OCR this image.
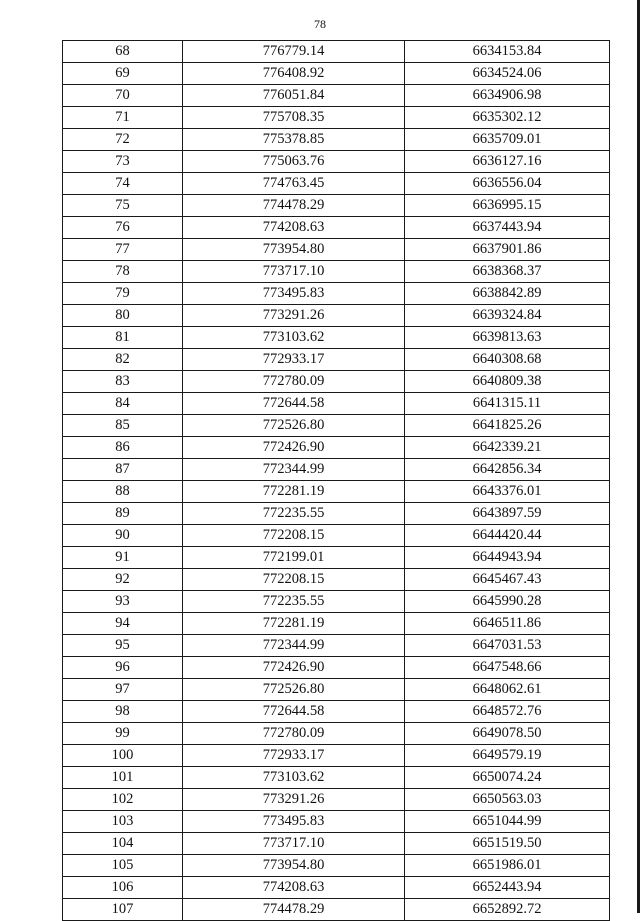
78
68	776779.14	6634153.84
69	776408.92	6634524.06
70	776051.84	6634906.98
71	775708.35	6635302.12
72	775378.85	6635709.01
73	775063.76	6636127.16
74	774763.45	6636556.04
75	774478.29	6636995.15
76	774208.63	6637443.94
77	773954.80	6637901.86
78	773717.10	6638368.37
79	773495.83	6638842.89
80	773291.26	6639324.84
81	773103.62	6639813.63
82	772933.17	6640308.68
83	772780.09	6640809.38
84	772644.58	6641315.11
85	772526.80	6641825.26
86	772426.90	6642339.21
87	772344.99	6642856.34
88	772281.19	6643376.01
89	772235.55	6643897.59
90	772208.15	6644420.44
91	772199.01	6644943.94
92	772208.15	6645467.43
93	772235.55	6645990.28
94	772281.19	6646511.86
95	772344.99	6647031.53
96	772426.90	6647548.66
97	772526.80	6648062.61
98	772644.58	6648572.76
99	772780.09	6649078.50
100	772933.17	6649579.19
101	773103.62	6650074.24
102	773291.26	6650563.03
103	773495.83	6651044.99
104	773717.10	6651519.50
105	773954.80	6651986.01
106	774208.63	6652443.94
107	774478.29	6652892.72
